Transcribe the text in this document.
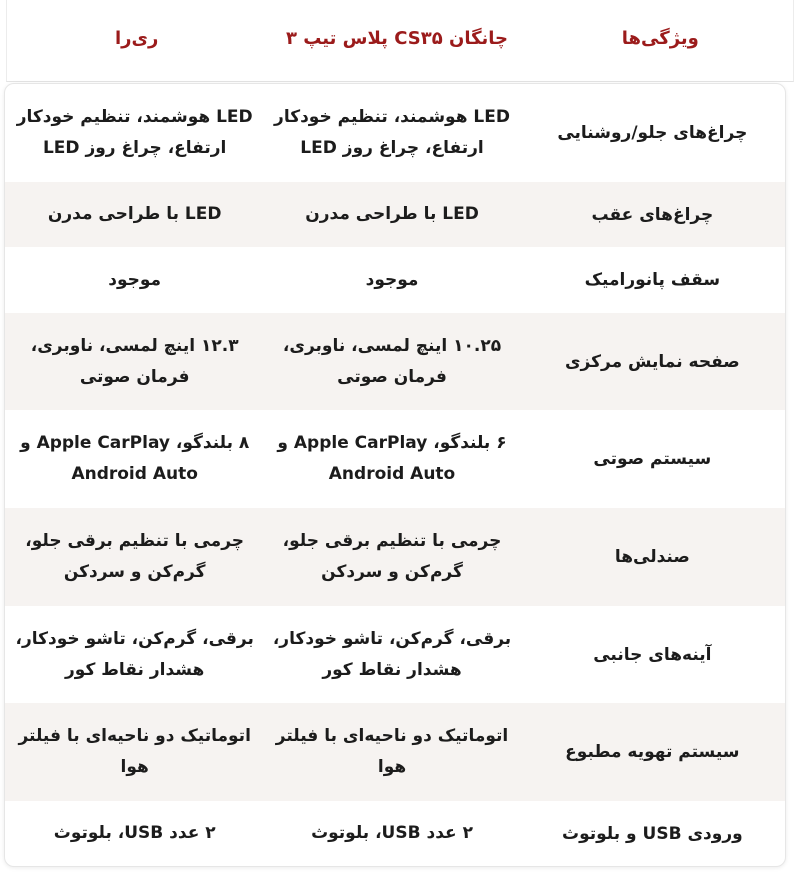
ویژگی‌ها
چانگان CS۳۵ پلاس تیپ ۳
ری‌را
چراغ‌های جلو/روشنایی
LED هوشمند، تنظیم خودکار ارتفاع، چراغ روز LED
LED هوشمند، تنظیم خودکار ارتفاع، چراغ روز LED
چراغ‌های عقب
LED با طراحی مدرن
LED با طراحی مدرن
سقف پانورامیک
موجود
موجود
صفحه نمایش مرکزی
۱۰.۲۵ اینچ لمسی، ناوبری، فرمان صوتی
۱۲.۳ اینچ لمسی، ناوبری، فرمان صوتی
سیستم صوتی
۶ بلندگو، Apple CarPlay و Android Auto
۸ بلندگو، Apple CarPlay و Android Auto
صندلی‌ها
چرمی با تنظیم برقی جلو، گرم‌کن و سردکن
چرمی با تنظیم برقی جلو، گرم‌کن و سردکن
آینه‌های جانبی
برقی، گرم‌کن، تاشو خودکار، هشدار نقاط کور
برقی، گرم‌کن، تاشو خودکار، هشدار نقاط کور
سیستم تهویه مطبوع
اتوماتیک دو ناحیه‌ای با فیلتر هوا
اتوماتیک دو ناحیه‌ای با فیلتر هوا
ورودی USB و بلوتوث
۲ عدد USB، بلوتوث
۲ عدد USB، بلوتوث
